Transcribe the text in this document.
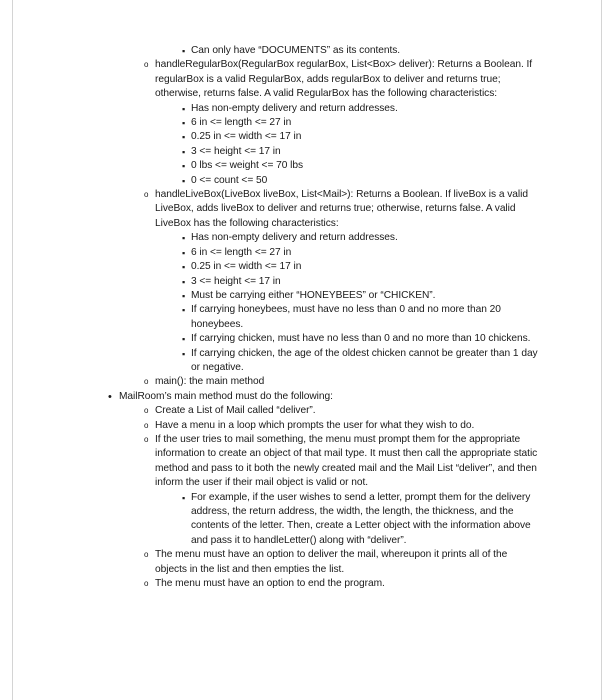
▪ Can only have “DOCUMENTS” as its contents.
o handleRegularBox(RegularBox regularBox, List<Box> deliver): Returns a Boolean. If regularBox is a valid RegularBox, adds regularBox to deliver and returns true; otherwise, returns false. A valid RegularBox has the following characteristics:
▪ Has non-empty delivery and return addresses.
▪ 6 in <= length <= 27 in
▪ 0.25 in <= width <= 17 in
▪ 3 <= height <= 17 in
▪ 0 lbs <= weight <= 70 lbs
▪ 0 <= count <= 50
o handleLiveBox(LiveBox liveBox, List<Mail>): Returns a Boolean. If liveBox is a valid LiveBox, adds liveBox to deliver and returns true; otherwise, returns false. A valid LiveBox has the following characteristics:
▪ Has non-empty delivery and return addresses.
▪ 6 in <= length <= 27 in
▪ 0.25 in <= width <= 17 in
▪ 3 <= height <= 17 in
▪ Must be carrying either “HONEYBEES” or “CHICKEN”.
▪ If carrying honeybees, must have no less than 0 and no more than 20 honeybees.
▪ If carrying chicken, must have no less than 0 and no more than 10 chickens.
▪ If carrying chicken, the age of the oldest chicken cannot be greater than 1 day or negative.
o main(): the main method
• MailRoom’s main method must do the following:
o Create a List of Mail called “deliver”.
o Have a menu in a loop which prompts the user for what they wish to do.
o If the user tries to mail something, the menu must prompt them for the appropriate information to create an object of that mail type. It must then call the appropriate static method and pass to it both the newly created mail and the Mail List “deliver”, and then inform the user if their mail object is valid or not.
▪ For example, if the user wishes to send a letter, prompt them for the delivery address, the return address, the width, the length, the thickness, and the contents of the letter. Then, create a Letter object with the information above and pass it to handleLetter() along with “deliver”.
o The menu must have an option to deliver the mail, whereupon it prints all of the objects in the list and then empties the list.
o The menu must have an option to end the program.
